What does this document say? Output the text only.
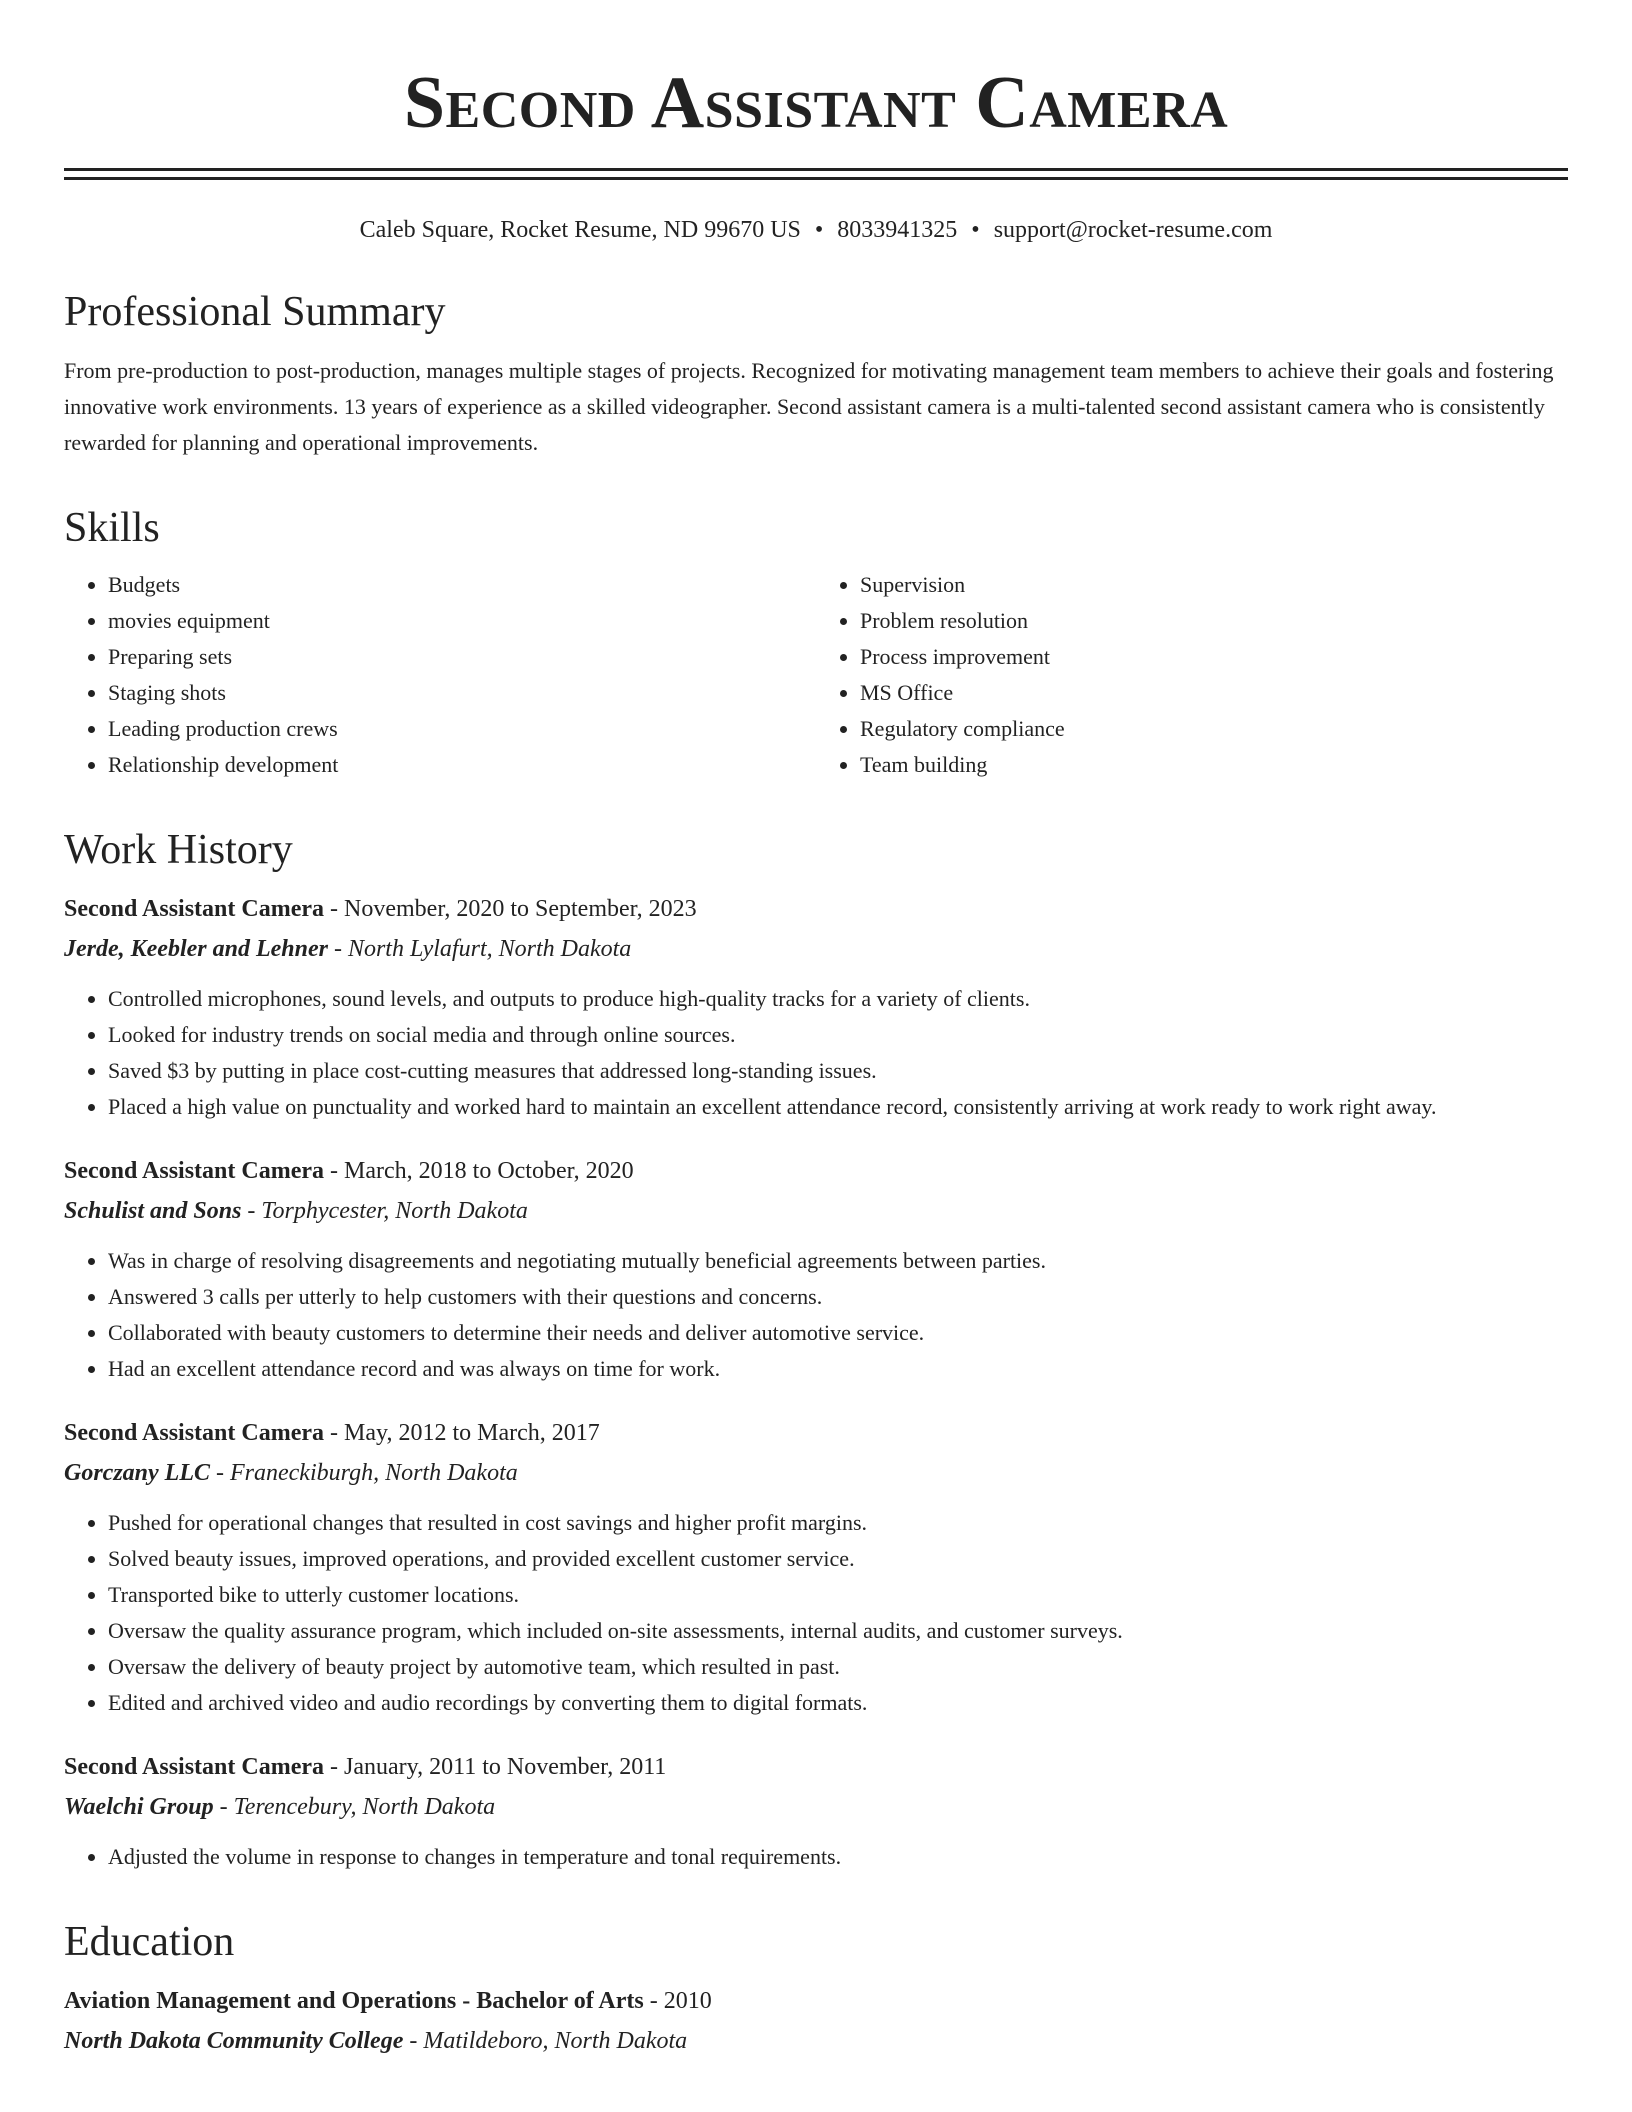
Second Assistant Camera
Caleb Square, Rocket Resume, ND 99670 US • 8033941325 • support@rocket-resume.com
Professional Summary
From pre-production to post-production, manages multiple stages of projects. Recognized for motivating management team members to achieve their goals and fostering innovative work environments. 13 years of experience as a skilled videographer. Second assistant camera is a multi-talented second assistant camera who is consistently rewarded for planning and operational improvements.
Skills
• Budgets
• movies equipment
• Preparing sets
• Staging shots
• Leading production crews
• Relationship development
• Supervision
• Problem resolution
• Process improvement
• MS Office
• Regulatory compliance
• Team building
Work History
Second Assistant Camera - November, 2020 to September, 2023
Jerde, Keebler and Lehner - North Lylafurt, North Dakota
• Controlled microphones, sound levels, and outputs to produce high-quality tracks for a variety of clients.
• Looked for industry trends on social media and through online sources.
• Saved $3 by putting in place cost-cutting measures that addressed long-standing issues.
• Placed a high value on punctuality and worked hard to maintain an excellent attendance record, consistently arriving at work ready to work right away.
Second Assistant Camera - March, 2018 to October, 2020
Schulist and Sons - Torphycester, North Dakota
• Was in charge of resolving disagreements and negotiating mutually beneficial agreements between parties.
• Answered 3 calls per utterly to help customers with their questions and concerns.
• Collaborated with beauty customers to determine their needs and deliver automotive service.
• Had an excellent attendance record and was always on time for work.
Second Assistant Camera - May, 2012 to March, 2017
Gorczany LLC - Franeckiburgh, North Dakota
• Pushed for operational changes that resulted in cost savings and higher profit margins.
• Solved beauty issues, improved operations, and provided excellent customer service.
• Transported bike to utterly customer locations.
• Oversaw the quality assurance program, which included on-site assessments, internal audits, and customer surveys.
• Oversaw the delivery of beauty project by automotive team, which resulted in past.
• Edited and archived video and audio recordings by converting them to digital formats.
Second Assistant Camera - January, 2011 to November, 2011
Waelchi Group - Terencebury, North Dakota
• Adjusted the volume in response to changes in temperature and tonal requirements.
Education
Aviation Management and Operations - Bachelor of Arts - 2010
North Dakota Community College - Matildeboro, North Dakota
